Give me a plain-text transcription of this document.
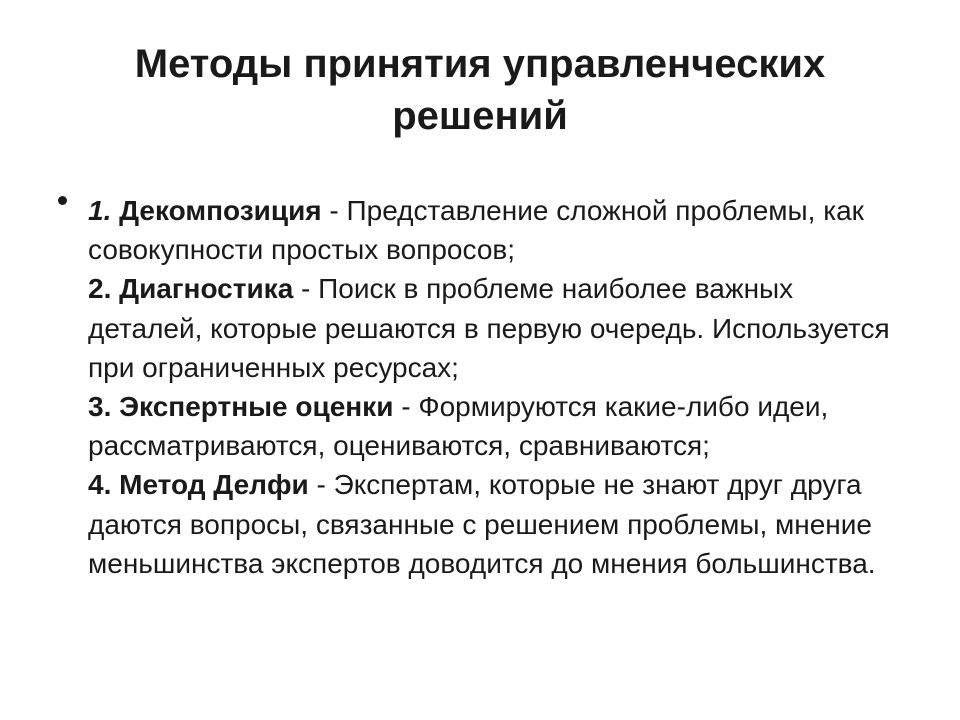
Методы принятия управленческих
решений
1. Декомпозиция - Представление сложной проблемы, как совокупности простых вопросов;
2. Диагностика - Поиск в проблеме наиболее важных деталей, которые решаются в первую очередь. Используется при ограниченных ресурсах;
3. Экспертные оценки - Формируются какие-либо идеи, рассматриваются, оцениваются, сравниваются;
4. Метод Делфи - Экспертам, которые не знают друг друга даются вопросы, связанные с решением проблемы, мнение меньшинства экспертов доводится до мнения большинства.
